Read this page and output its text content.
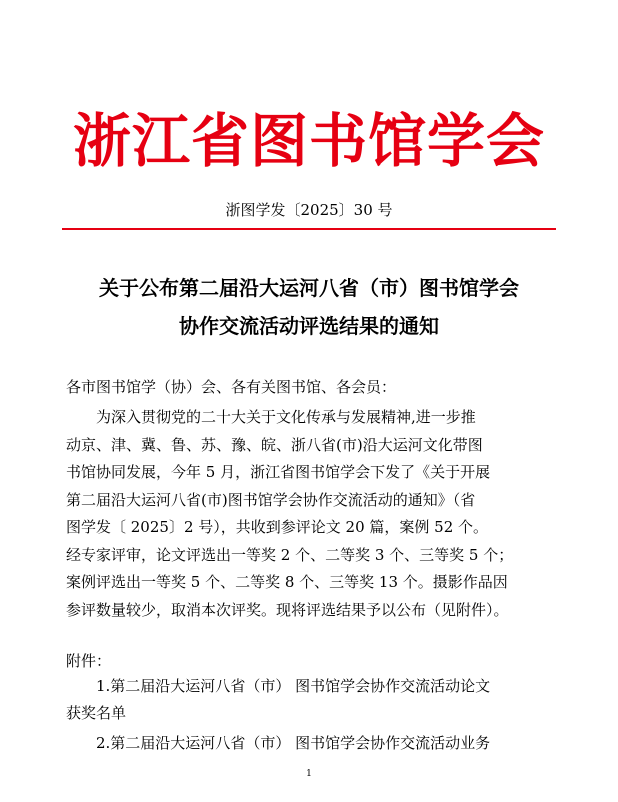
浙江省图书馆学会
浙图学发〔2025〕30 号
关于公布第二届沿大运河八省（市）图书馆学会
协作交流活动评选结果的通知
各市图书馆学（协）会、各有关图书馆、各会员：
　　为深入贯彻党的二十大关于文化传承与发展精神,进一步推
动京、津、冀、鲁、苏、豫、皖、浙八省(市)沿大运河文化带图
书馆协同发展，今年 5 月，浙江省图书馆学会下发了《关于开展
第二届沿大运河八省(市)图书馆学会协作交流活动的通知》（省
图学发〔 2025〕2 号），共收到参评论文 20 篇，案例 52 个。
经专家评审，论文评选出一等奖 2 个、二等奖 3 个、三等奖 5 个；
案例评选出一等奖 5 个、二等奖 8 个、三等奖 13 个。摄影作品因
参评数量较少，取消本次评奖。现将评选结果予以公布（见附件）。
附件：
　　1.第二届沿大运河八省（市） 图书馆学会协作交流活动论文
获奖名单
　　2.第二届沿大运河八省（市） 图书馆学会协作交流活动业务
1
